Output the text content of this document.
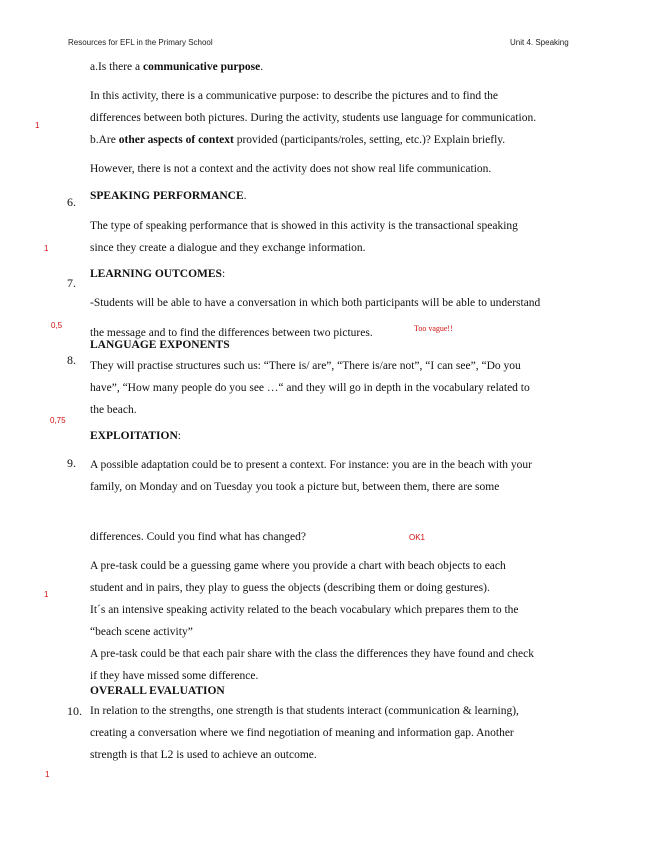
Resources for EFL in the Primary School	Unit 4. Speaking
a.Is there a communicative purpose.
In this activity, there is a communicative purpose: to describe the pictures and to find the
differences between both pictures. During the activity, students use language for communication.
b.Are other aspects of context provided (participants/roles, setting, etc.)? Explain briefly.
However, there is not a context and the activity does not show real life communication.
6. SPEAKING PERFORMANCE.
The type of speaking performance that is showed in this activity is the transactional speaking
since they create a dialogue and they exchange information.
7.
LEARNING OUTCOMES:
-Students will be able to have a conversation in which both participants will be able to understand
the message and to find the differences between two pictures.	Too vague!!
8.
LANGUAGE EXPONENTS
They will practise structures such us: “There is/ are”, “There is/are not”, “I can see”, “Do you
have”, “How many people do you see …“ and they will go in depth in the vocabulary related to
the beach.
EXPLOITATION:
9. A possible adaptation could be to present a context. For instance: you are in the beach with your
family, on Monday and on Tuesday you took a picture but, between them, there are some
differences. Could you find what has changed?	OK1
A pre-task could be a guessing game where you provide a chart with beach objects to each
student and in pairs, they play to guess the objects (describing them or doing gestures).
It´s an intensive speaking activity related to the beach vocabulary which prepares them to the
“beach scene activity”
A pre-task could be that each pair share with the class the differences they have found and check
if they have missed some difference.
OVERALL EVALUATION
10. In relation to the strengths, one strength is that students interact (communication & learning),
creating a conversation where we find negotiation of meaning and information gap. Another
strength is that L2 is used to achieve an outcome.
1
1
0,5
0,75
1
1
